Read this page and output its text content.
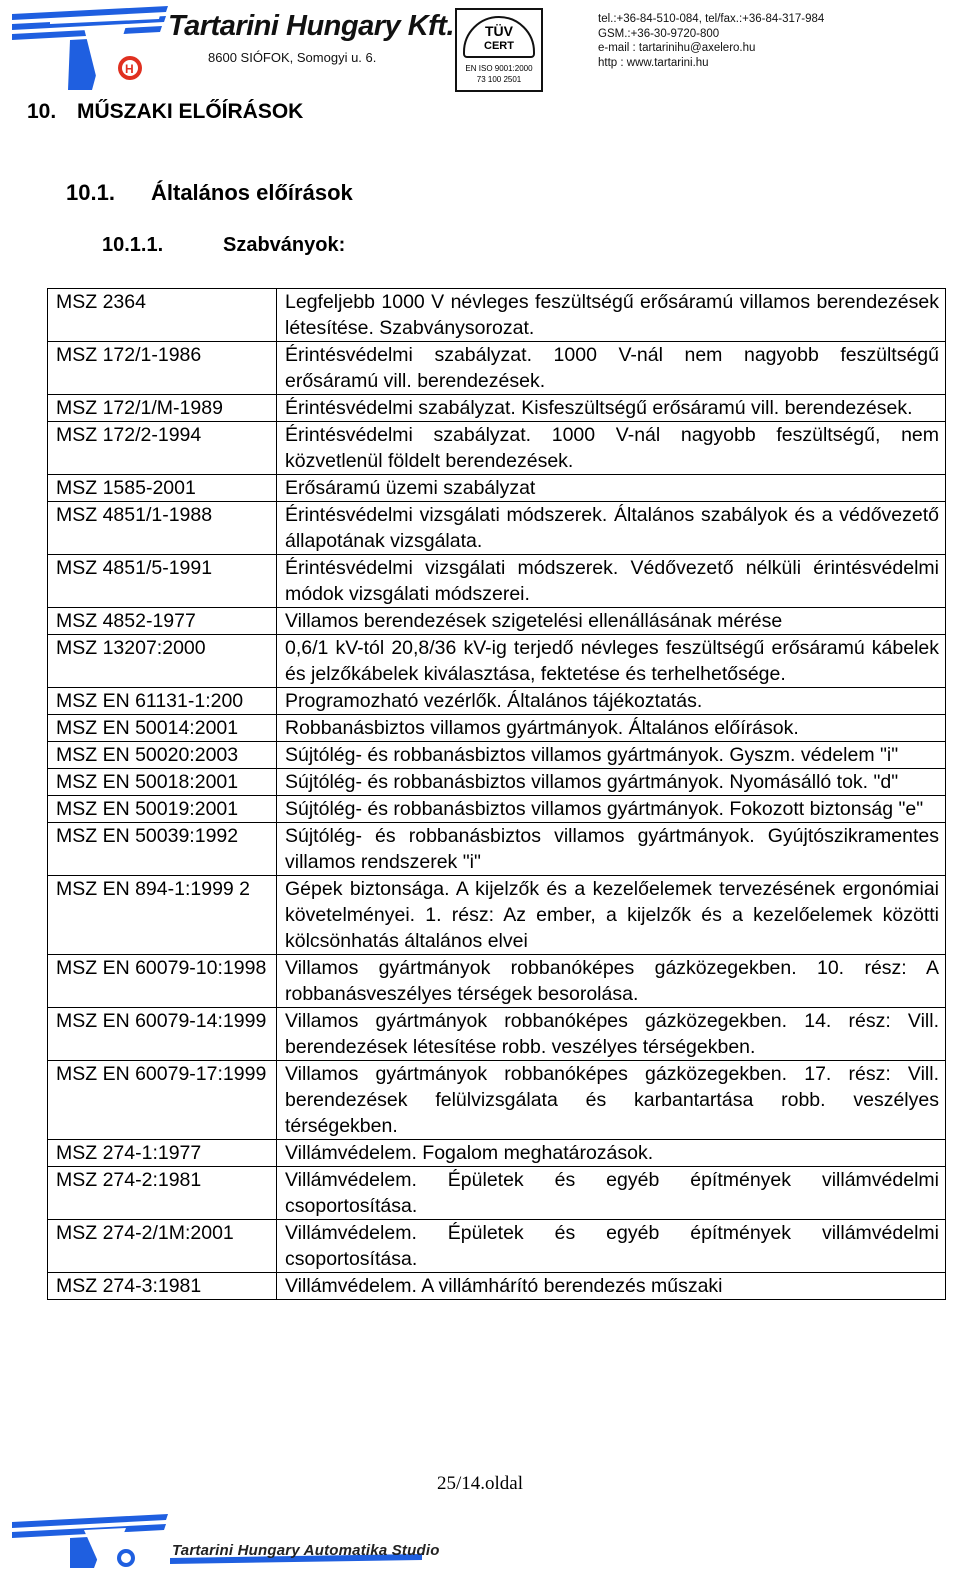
H
Tartarini Hungary Kft.
8600 SIÓFOK, Somogyi u. 6.
TÜV
CERT
EN ISO 9001:2000
73 100 2501
tel.:+36-84-510-084, tel/fax.:+36-84-317-984
GSM.:+36-30-9720-800
e-mail : tartarinihu@axelero.hu
http : www.tartarini.hu
10. MŰSZAKI ELŐÍRÁSOK
10.1. Általános előírások
10.1.1.	Szabványok:
MSZ 2364	Legfeljebb 1000 V névleges feszültségű erősáramú villamos berendezések létesítése. Szabványsorozat.
MSZ 172/1-1986	Érintésvédelmi szabályzat. 1000 V-nál nem nagyobb feszültségű erősáramú vill. berendezések.
MSZ 172/1/M-1989	Érintésvédelmi szabályzat. Kisfeszültségű erősáramú vill. berendezések.
MSZ 172/2-1994	Érintésvédelmi szabályzat. 1000 V-nál nagyobb feszültségű, nem közvetlenül földelt berendezések.
MSZ 1585-2001	Erősáramú üzemi szabályzat
MSZ 4851/1-1988	Érintésvédelmi vizsgálati módszerek. Általános szabályok és a védővezető állapotának vizsgálata.
MSZ 4851/5-1991	Érintésvédelmi vizsgálati módszerek. Védővezető nélküli érintésvédelmi módok vizsgálati módszerei.
MSZ 4852-1977	Villamos berendezések szigetelési ellenállásának mérése
MSZ 13207:2000	0,6/1 kV-tól 20,8/36 kV-ig terjedő névleges feszültségű erősáramú kábelek és jelzőkábelek kiválasztása, fektetése és terhelhetősége.
MSZ EN 61131-1:200	Programozható vezérlők. Általános tájékoztatás.
MSZ EN 50014:2001	Robbanásbiztos villamos gyártmányok. Általános előírások.
MSZ EN 50020:2003	Sújtólég- és robbanásbiztos villamos gyártmányok. Gyszm. védelem "i"
MSZ EN 50018:2001	Sújtólég- és robbanásbiztos villamos gyártmányok. Nyomásálló tok. "d"
MSZ EN 50019:2001	Sújtólég- és robbanásbiztos villamos gyártmányok. Fokozott biztonság "e"
MSZ EN 50039:1992	Sújtólég- és robbanásbiztos villamos gyártmányok. Gyújtószikramentes villamos rendszerek "i"
MSZ EN 894-1:1999 2	Gépek biztonsága. A kijelzők és a kezelőelemek tervezésének ergonómiai követelményei. 1. rész: Az ember, a kijelzők és a kezelőelemek közötti kölcsönhatás általános elvei
MSZ EN 60079-10:1998	Villamos gyártmányok robbanóképes gázközegekben. 10. rész: A robbanásveszélyes térségek besorolása.
MSZ EN 60079-14:1999	Villamos gyártmányok robbanóképes gázközegekben. 14. rész: Vill. berendezések létesítése robb. veszélyes térségekben.
MSZ EN 60079-17:1999	Villamos gyártmányok robbanóképes gázközegekben. 17. rész: Vill. berendezések felülvizsgálata és karbantartása robb. veszélyes térségekben.
MSZ 274-1:1977	Villámvédelem. Fogalom meghatározások.
MSZ 274-2:1981	Villámvédelem. Épületek és egyéb építmények villámvédelmi csoportosítása.
MSZ 274-2/1M:2001	Villámvédelem. Épületek és egyéb építmények villámvédelmi csoportosítása.
MSZ 274-3:1981	Villámvédelem. A villámhárító berendezés műszaki
25/14.oldal
Tartarini Hungary Automatika Studio
